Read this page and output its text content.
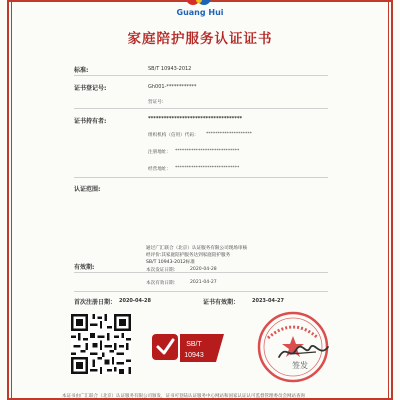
Guang Hui
家庭陪护服务认证证书
标准:	SB/T 10943-2012
证书登记号:	Gh001-************
营证号:
证书持有者:	************************************
组织机构（信用）代码： ********************
注册地址： ****************************
经营地址： ****************************
认证范围:
通过广汇联合（北京）认证服务有限公司现场审核
经评价:其家庭陪护服务达到家庭陪护服务
SB/T 10943-2012标准
有效期:	本次发证日期：	2020-04-28
本次有效日期：	2021-04-27
首次注册日期： 2020-04-28	证书有效期：	2023-04-27
SB/T
10943
签发
本证书由广汇联合（北京）认证服务有限公司颁发，证书可登陆认证服务中心网站和国家认证认可监督管理委员会网站查询
